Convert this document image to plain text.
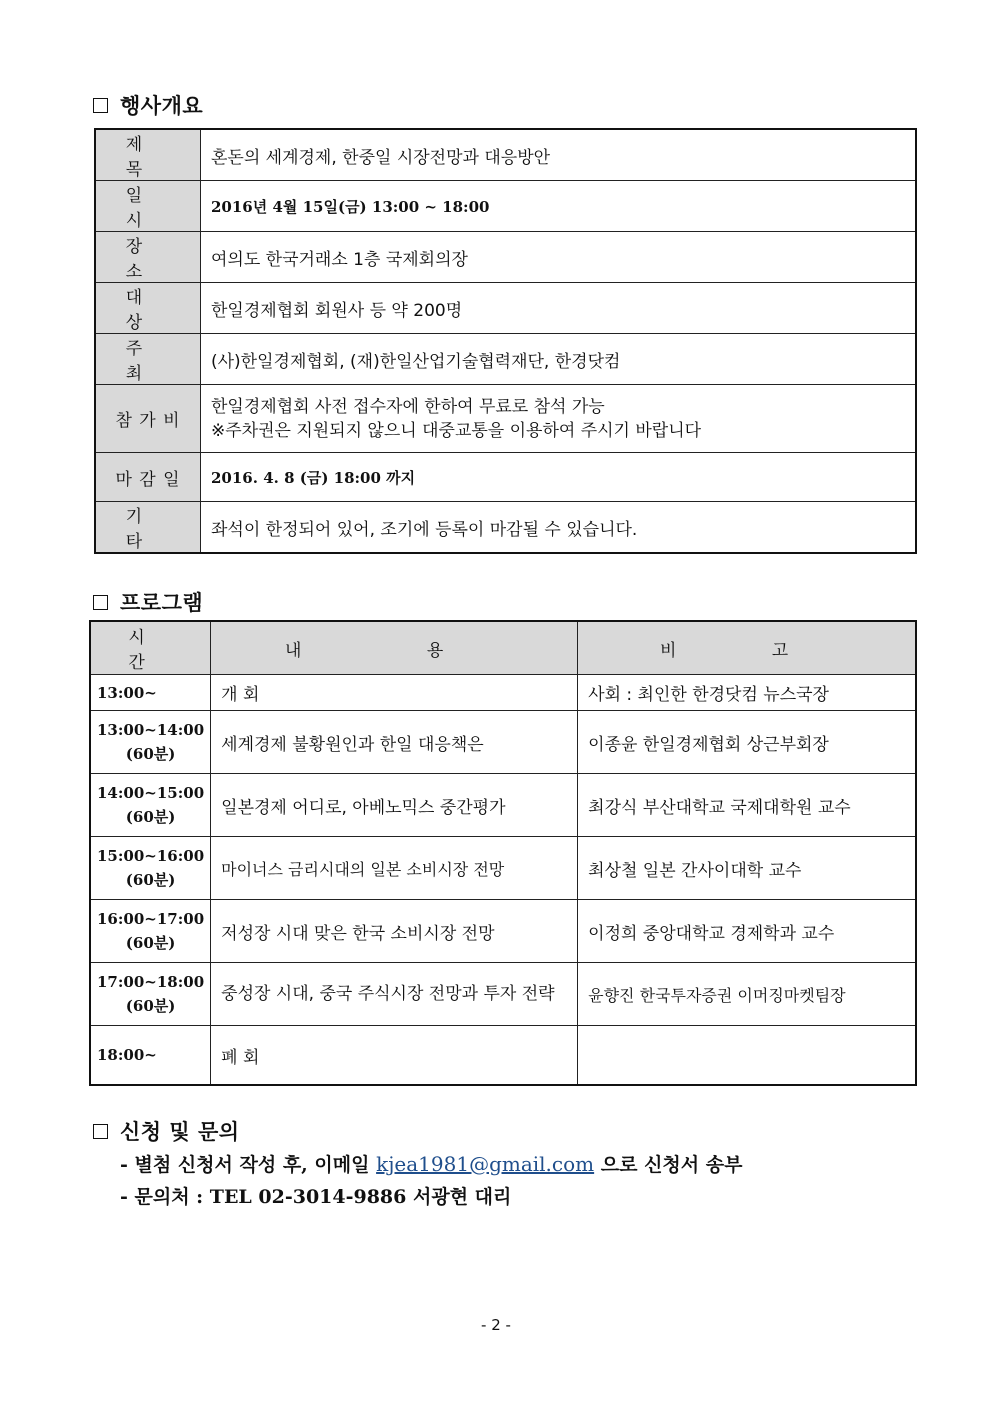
행사개요
제 목	혼돈의 세계경제, 한중일 시장전망과 대응방안
일 시	2016년 4월 15일(금) 13:00 ~ 18:00
장 소	여의도 한국거래소 1층 국제회의장
대 상	한일경제협회 회원사 등 약 200명
주 최	(사)한일경제협회, (재)한일산업기술협력재단, 한경닷컴
참 가 비	한일경제협회 사전 접수자에 한하여 무료로 참석 가능
※주차권은 지원되지 않으니 대중교통을 이용하여 주시기 바랍니다

마 감 일	2016. 4. 8 (금) 18:00 까지
기 타	좌석이 한정되어 있어, 조기에 등록이 마감될 수 있습니다.
프로그램
시 간	내 용	비 고
13:00~	개 회	사회 : 최인한 한경닷컴 뉴스국장

13:00~14:00
(60분)	세계경제 불황원인과 한일 대응책은	이종윤 한일경제협회 상근부회장

14:00~15:00
(60분)	일본경제 어디로, 아베노믹스 중간평가	최강식 부산대학교 국제대학원 교수

15:00~16:00
(60분)	마이너스 금리시대의 일본 소비시장 전망	최상철 일본 간사이대학 교수

16:00~17:00
(60분)	저성장 시대 맞은 한국 소비시장 전망	이정희 중앙대학교 경제학과 교수

17:00~18:00
(60분)	중성장 시대, 중국 주식시장 전망과 투자 전략	윤향진 한국투자증권 이머징마켓팀장
18:00~	폐 회	
신청 및 문의
- 별첨 신청서 작성 후, 이메일 kjea1981@gmail.com 으로 신청서 송부
- 문의처 : TEL 02-3014-9886 서광현 대리
- 2 -
